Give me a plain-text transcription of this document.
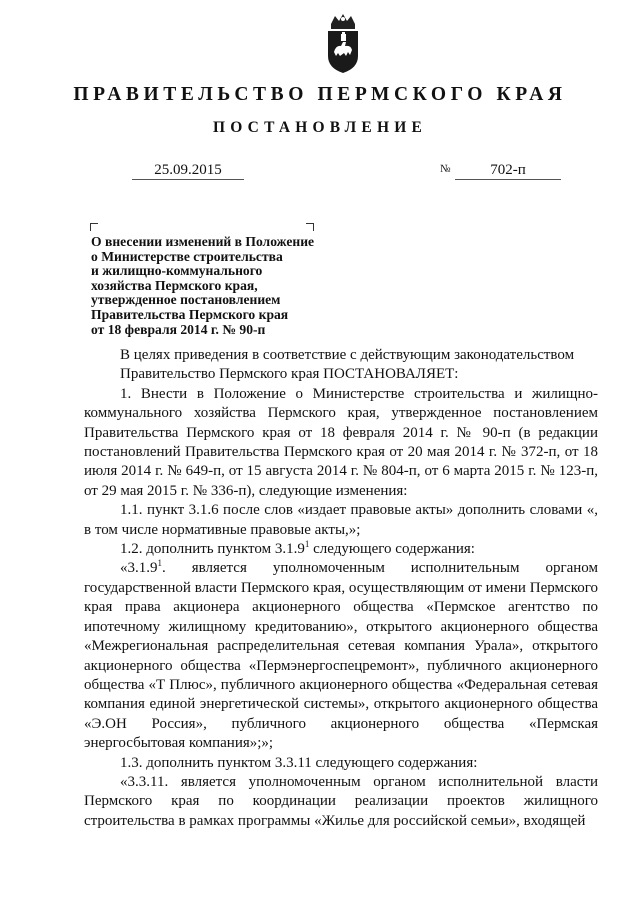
ПРАВИТЕЛЬСТВО ПЕРМСКОГО КРАЯ
ПОСТАНОВЛЕНИЕ
25.09.2015	№	702-п
О внесении изменений в Положение
о Министерстве строительства
и жилищно-коммунального
хозяйства Пермского края,
утвержденное постановлением
Правительства Пермского края
от 18 февраля 2014 г. № 90-п
В целях приведения в соответствие с действующим законодательством
Правительство Пермского края ПОСТАНОВАЛЯЕТ:
1. Внести в Положение о Министерстве строительства и жилищно-коммунального хозяйства Пермского края, утвержденное постановлением Правительства Пермского края от 18 февраля 2014 г. № 90-п (в редакции постановлений Правительства Пермского края от 20 мая 2014 г. № 372-п, от 18 июля 2014 г. № 649-п, от 15 августа 2014 г. № 804-п, от 6 марта 2015 г. № 123-п, от 29 мая 2015 г. № 336-п), следующие изменения:
1.1. пункт 3.1.6 после слов «издает правовые акты» дополнить словами «, в том числе нормативные правовые акты,»;
1.2. дополнить пунктом 3.1.9$^1$ следующего содержания:
«3.1.9$^1$. является уполномоченным исполнительным органом государственной власти Пермского края, осуществляющим от имени Пермского края права акционера акционерного общества «Пермское агентство по ипотечному жилищному кредитованию», открытого акционерного общества «Межрегиональная распределительная сетевая компания Урала», открытого акционерного общества «Пермэнергоспецремонт», публичного акционерного общества «Т Плюс», публичного акционерного общества «Федеральная сетевая компания единой энергетической системы», открытого акционерного общества «Э.ОН Россия», публичного акционерного общества «Пермская энергосбытовая компания»;»;
1.3. дополнить пунктом 3.3.11 следующего содержания:
«3.3.11. является уполномоченным органом исполнительной власти Пермского края по координации реализации проектов жилищного строительства в рамках программы «Жилье для российской семьи», входящей
